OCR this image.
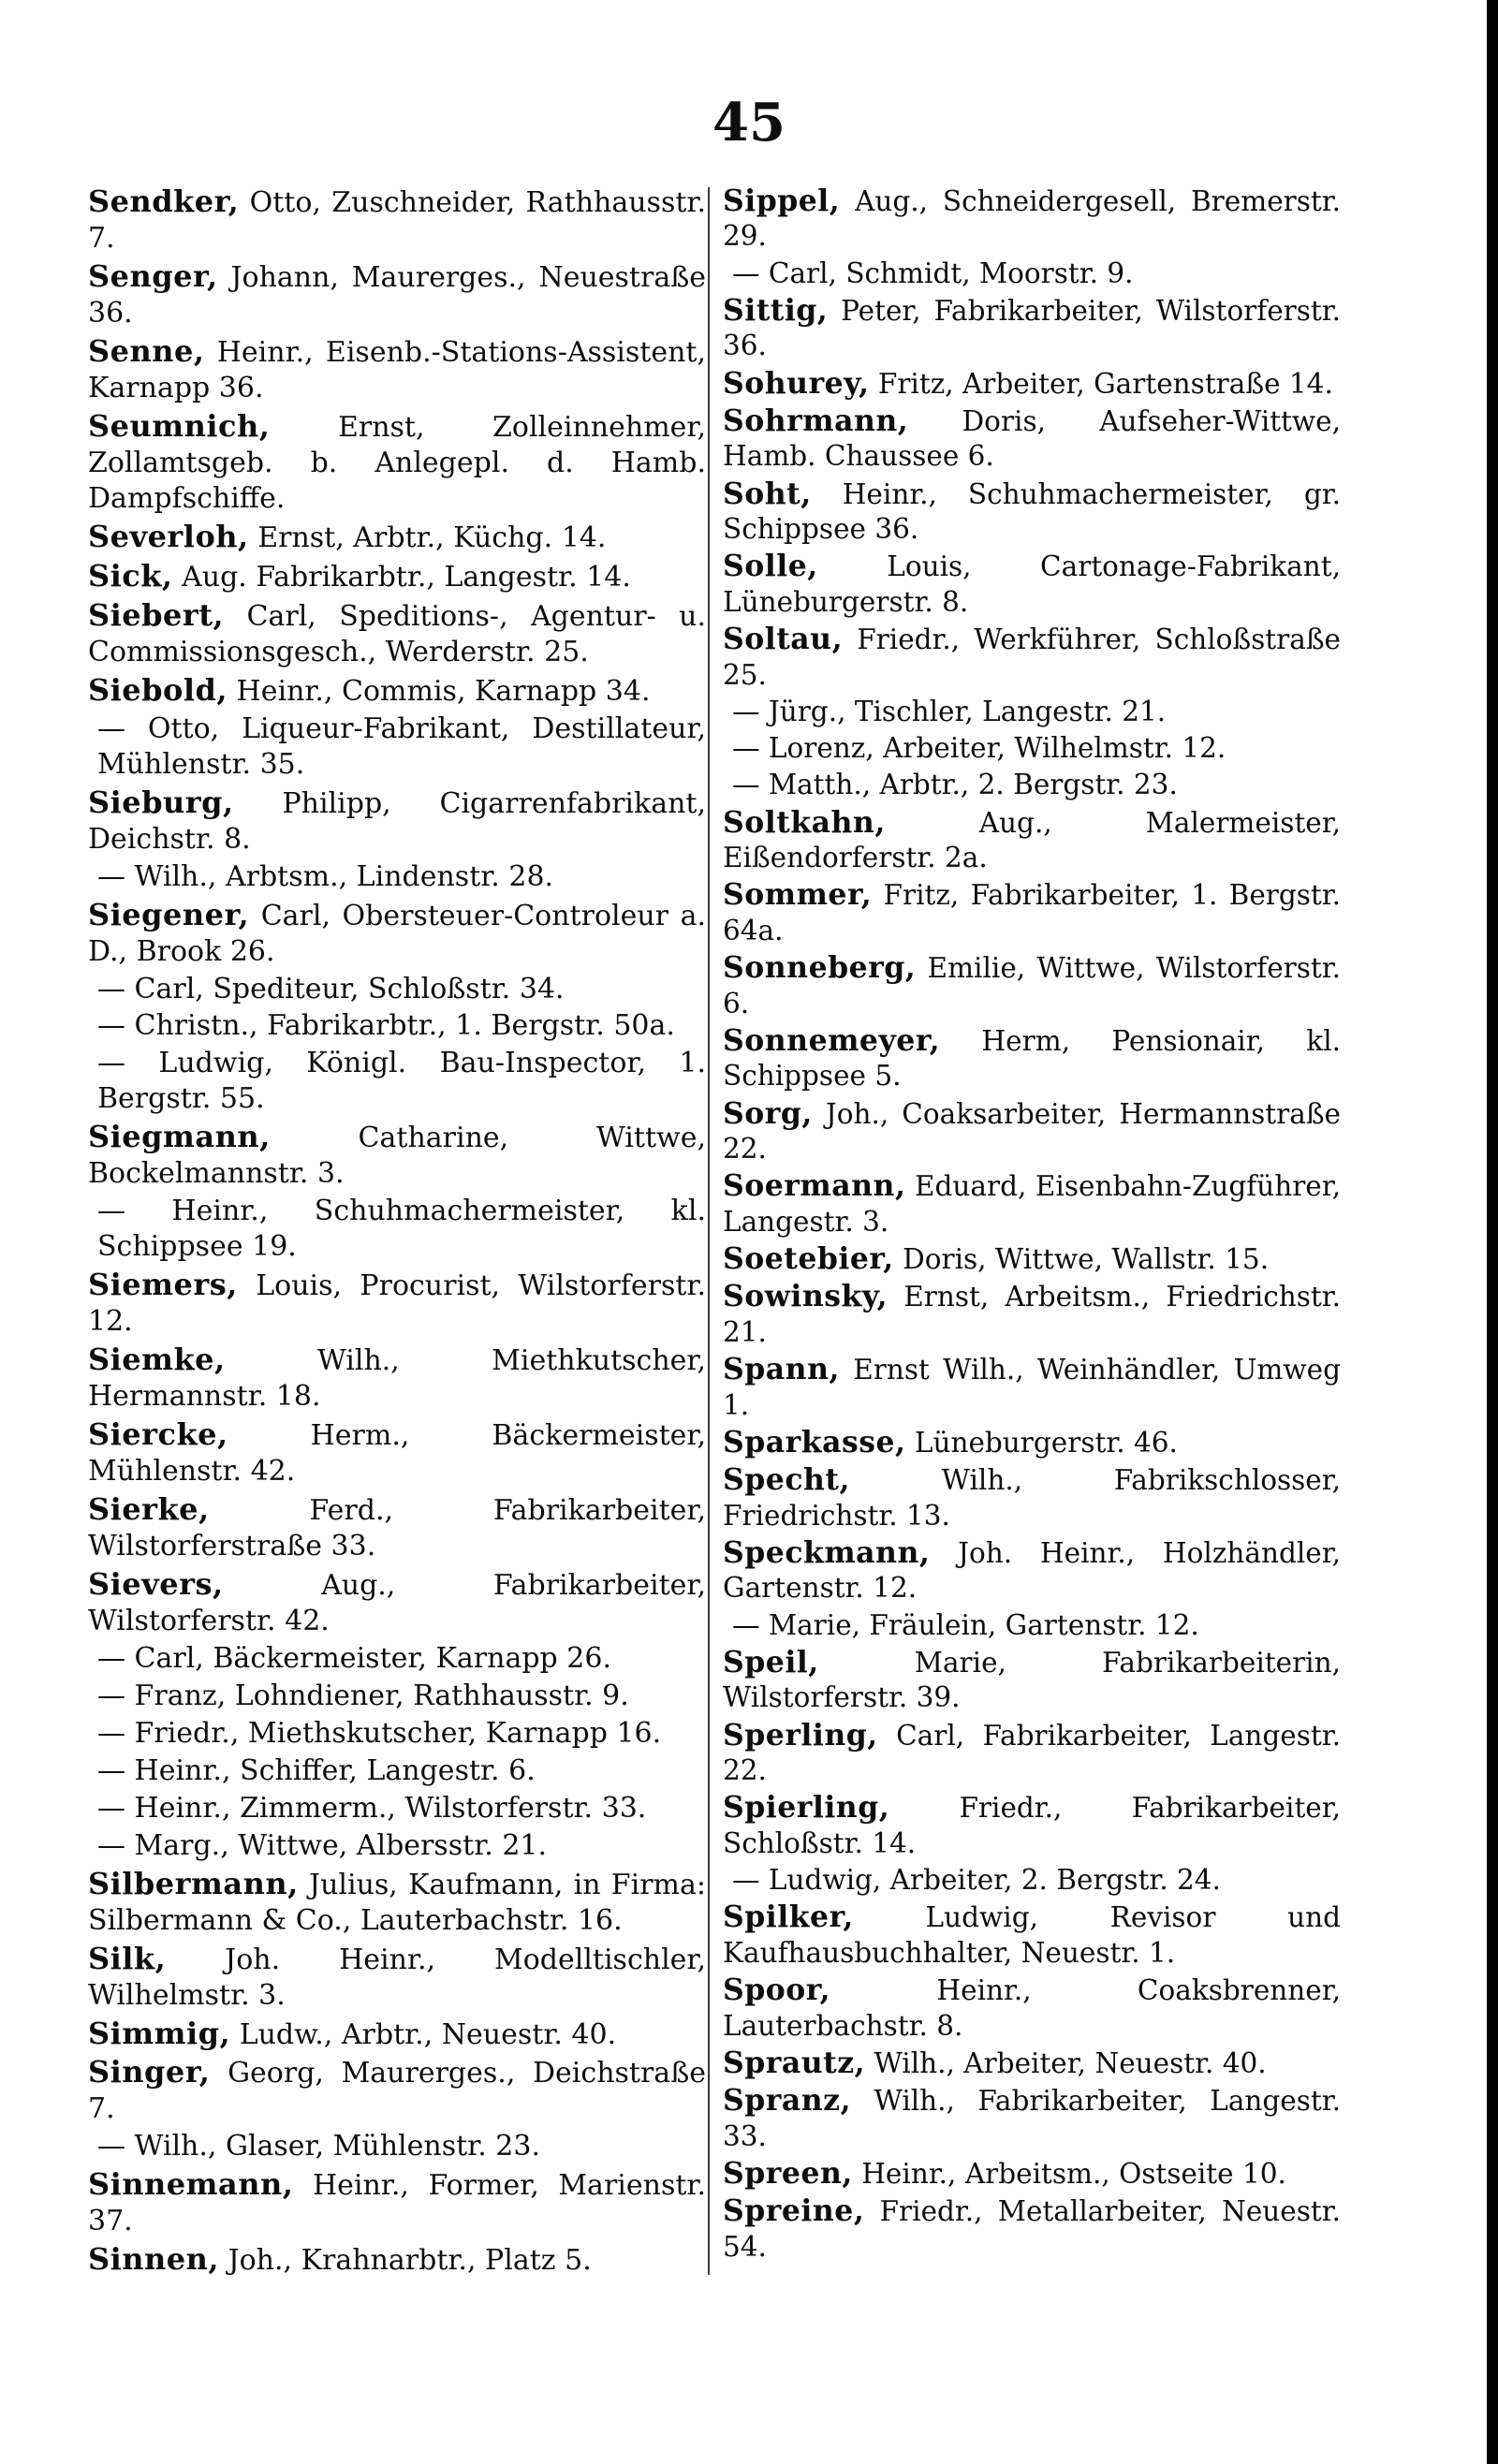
45

Sendker, Otto, Zuschneider, Rathhausstr. 7.

Senger, Johann, Maurerges., Neuestraße 36.

Senne, Heinr., Eisenb.-Stations-Assistent, Karnapp 36.

Seumnich, Ernst, Zolleinnehmer, Zollamtsgeb. b. Anlegepl. d. Hamb. Dampfschiffe.

Severloh, Ernst, Arbtr., Küchg. 14.

Sick, Aug. Fabrikarbtr., Langestr. 14.

Siebert, Carl, Speditions-, Agentur- u. Commissionsgesch., Werderstr. 25.

Siebold, Heinr., Commis, Karnapp 34.

— Otto, Liqueur-Fabrikant, Destillateur, Mühlenstr. 35.

Sieburg, Philipp, Cigarrenfabrikant, Deichstr. 8.

— Wilh., Arbtsm., Lindenstr. 28.

Siegener, Carl, Obersteuer-Controleur a. D., Brook 26.

— Carl, Spediteur, Schloßstr. 34.

— Christn., Fabrikarbtr., 1. Bergstr. 50a.

— Ludwig, Königl. Bau-Inspector, 1. Bergstr. 55.

Siegmann, Catharine, Wittwe, Bockelmannstr. 3.

— Heinr., Schuhmachermeister, kl. Schippsee 19.

Siemers, Louis, Procurist, Wilstorferstr. 12.

Siemke, Wilh., Miethkutscher, Hermannstr. 18.

Siercke, Herm., Bäckermeister, Mühlenstr. 42.

Sierke, Ferd., Fabrikarbeiter, Wilstorferstraße 33.

Sievers, Aug., Fabrikarbeiter, Wilstorferstr. 42.

— Carl, Bäckermeister, Karnapp 26.

— Franz, Lohndiener, Rathhausstr. 9.

— Friedr., Miethskutscher, Karnapp 16.

— Heinr., Schiffer, Langestr. 6.

— Heinr., Zimmerm., Wilstorferstr. 33.

— Marg., Wittwe, Albersstr. 21.

Silbermann, Julius, Kaufmann, in Firma: Silbermann & Co., Lauterbachstr. 16.

Silk, Joh. Heinr., Modelltischler, Wilhelmstr. 3.

Simmig, Ludw., Arbtr., Neuestr. 40.

Singer, Georg, Maurerges., Deichstraße 7.

— Wilh., Glaser, Mühlenstr. 23.

Sinnemann, Heinr., Former, Marienstr. 37.

Sinnen, Joh., Krahnarbtr., Platz 5.

Sippel, Aug., Schneidergesell, Bremerstr. 29.

— Carl, Schmidt, Moorstr. 9.

Sittig, Peter, Fabrikarbeiter, Wilstorferstr. 36.

Sohurey, Fritz, Arbeiter, Gartenstraße 14.

Sohrmann, Doris, Aufseher-Wittwe, Hamb. Chaussee 6.

Soht, Heinr., Schuhmachermeister, gr. Schippsee 36.

Solle, Louis, Cartonage-Fabrikant, Lüneburgerstr. 8.

Soltau, Friedr., Werkführer, Schloßstraße 25.

— Jürg., Tischler, Langestr. 21.

— Lorenz, Arbeiter, Wilhelmstr. 12.

— Matth., Arbtr., 2. Bergstr. 23.

Soltkahn, Aug., Malermeister, Eißendorferstr. 2a.

Sommer, Fritz, Fabrikarbeiter, 1. Bergstr. 64a.

Sonneberg, Emilie, Wittwe, Wilstorferstr. 6.

Sonnemeyer, Herm, Pensionair, kl. Schippsee 5.

Sorg, Joh., Coaksarbeiter, Hermannstraße 22.

Soermann, Eduard, Eisenbahn-Zugführer, Langestr. 3.

Soetebier, Doris, Wittwe, Wallstr. 15.

Sowinsky, Ernst, Arbeitsm., Friedrichstr. 21.

Spann, Ernst Wilh., Weinhändler, Umweg 1.

Sparkasse, Lüneburgerstr. 46.

Specht, Wilh., Fabrikschlosser, Friedrichstr. 13.

Speckmann, Joh. Heinr., Holzhändler, Gartenstr. 12.

— Marie, Fräulein, Gartenstr. 12.

Speil, Marie, Fabrikarbeiterin, Wilstorferstr. 39.

Sperling, Carl, Fabrikarbeiter, Langestr. 22.

Spierling, Friedr., Fabrikarbeiter, Schloßstr. 14.

— Ludwig, Arbeiter, 2. Bergstr. 24.

Spilker, Ludwig, Revisor und Kaufhausbuchhalter, Neuestr. 1.

Spoor, Heinr., Coaksbrenner, Lauterbachstr. 8.

Sprautz, Wilh., Arbeiter, Neuestr. 40.

Spranz, Wilh., Fabrikarbeiter, Langestr. 33.

Spreen, Heinr., Arbeitsm., Ostseite 10.

Spreine, Friedr., Metallarbeiter, Neuestr. 54.
